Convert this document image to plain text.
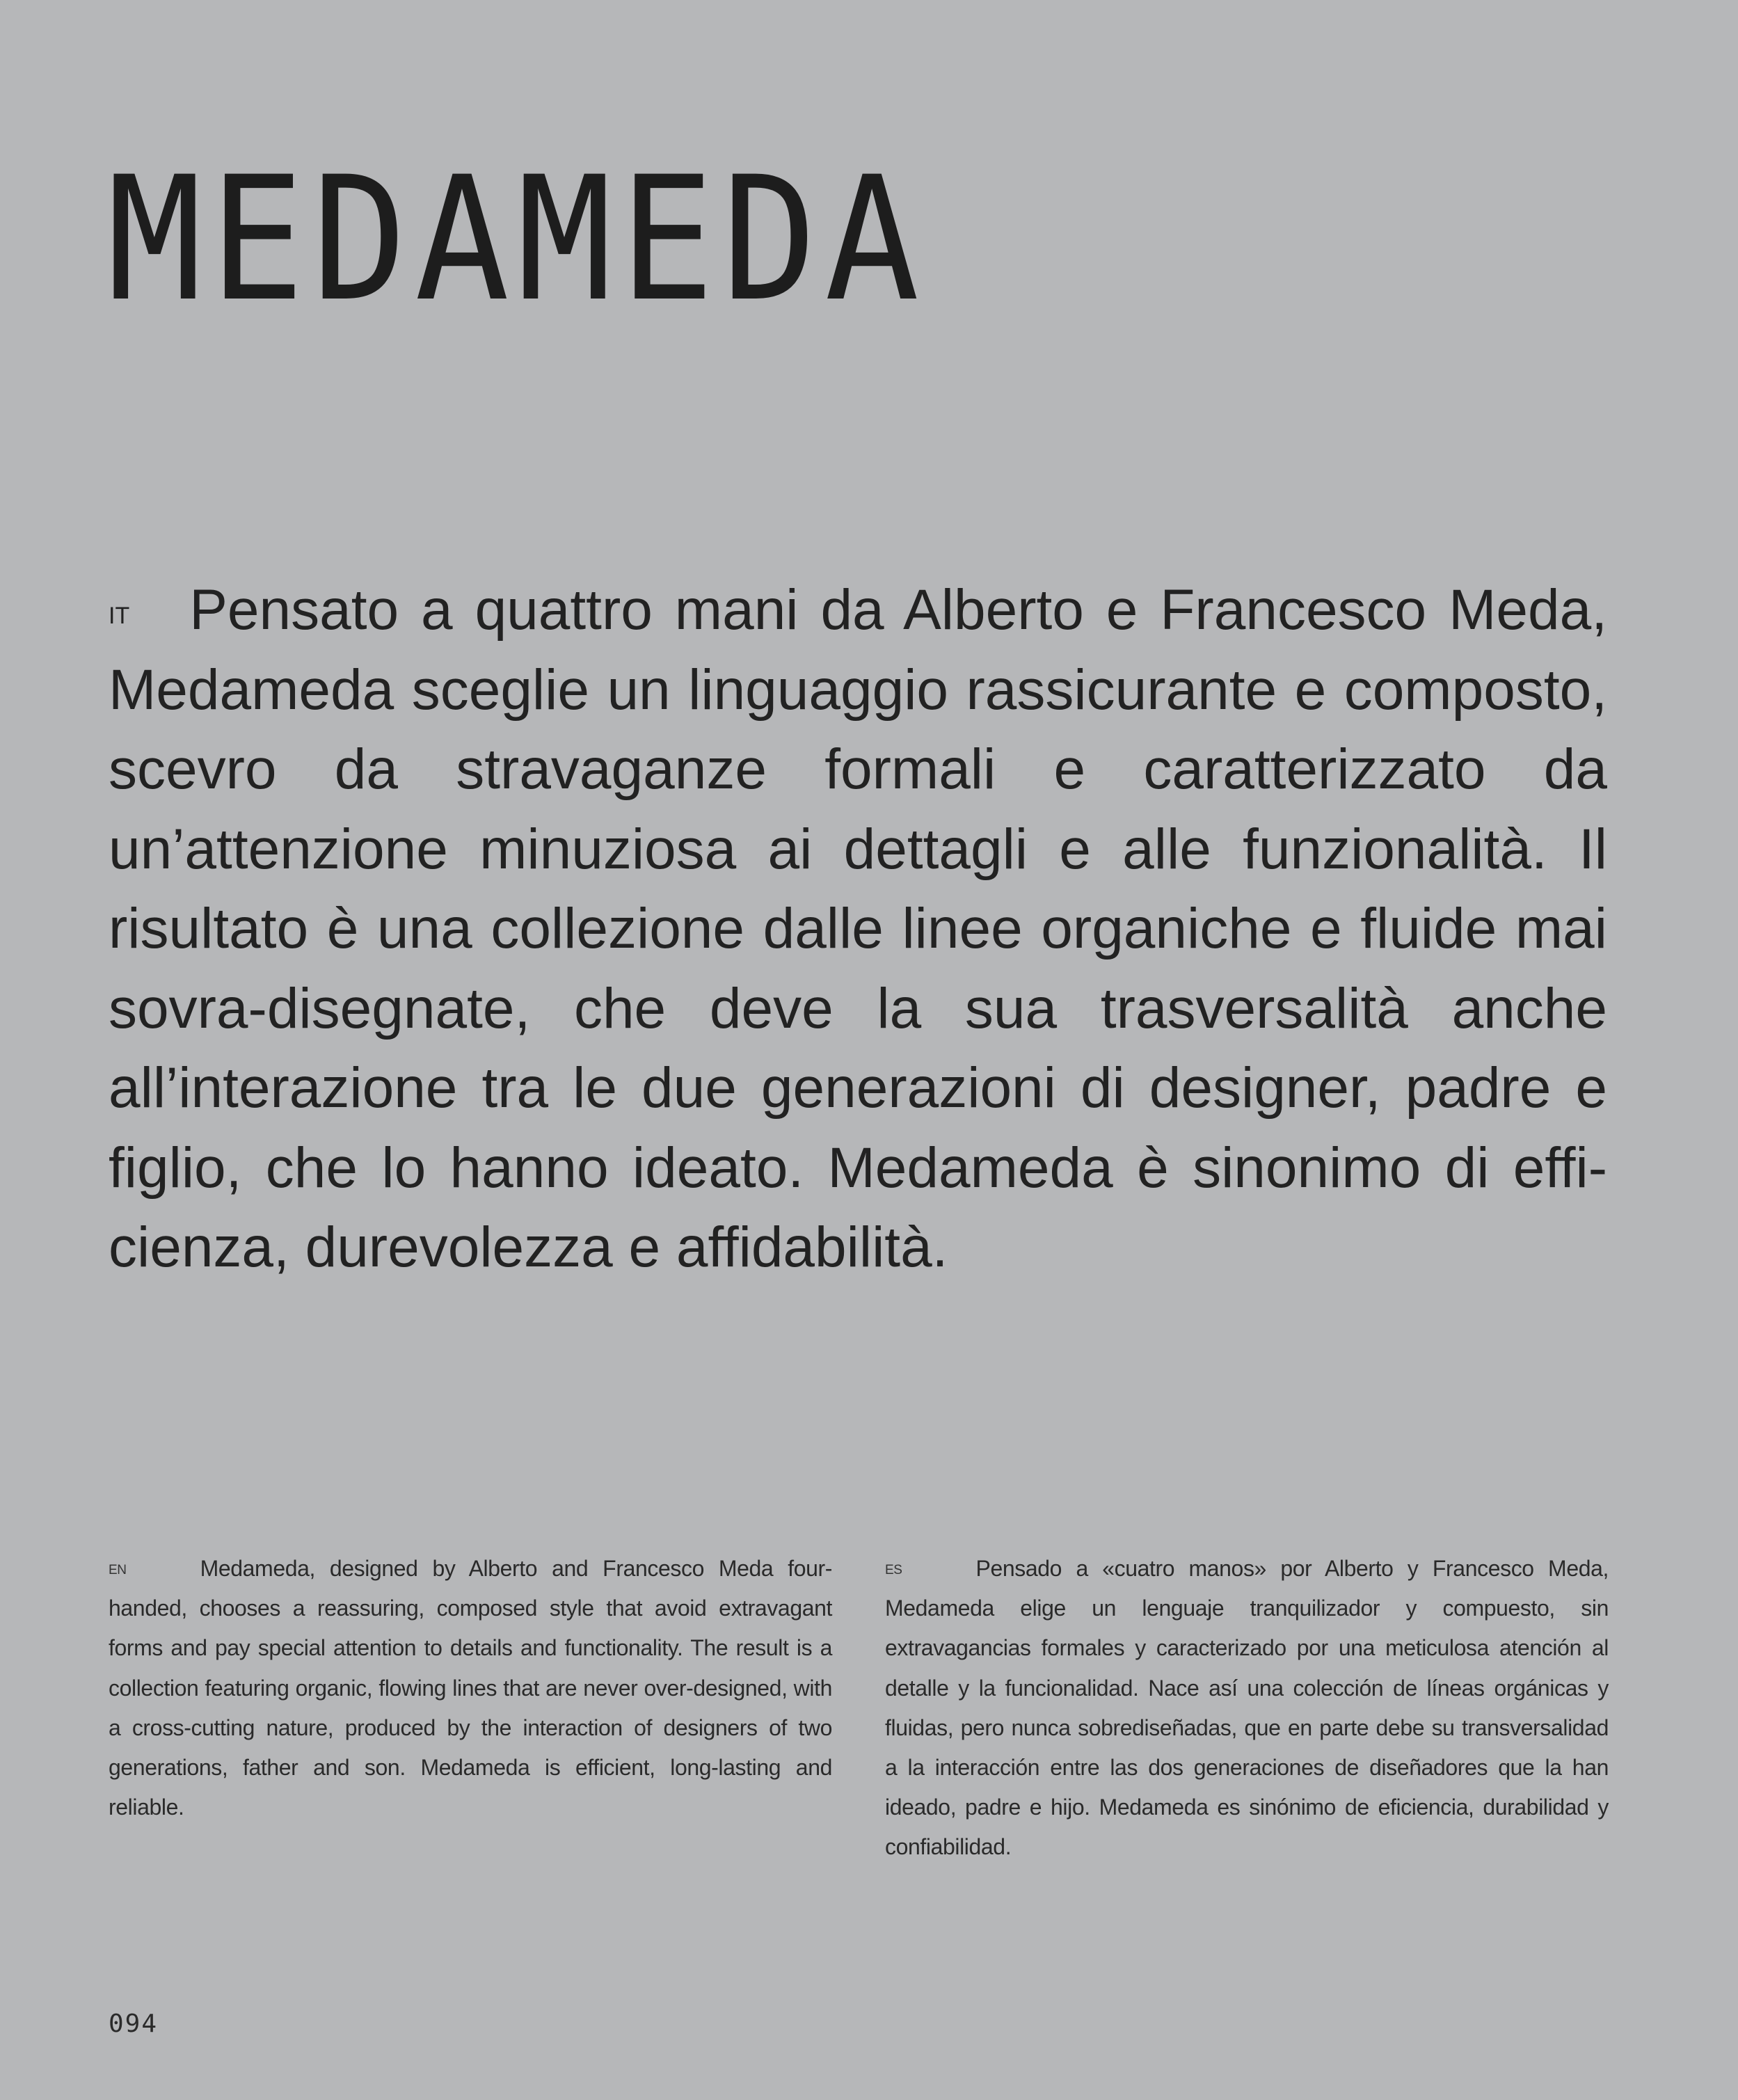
MEDAMEDA

IT Pensato a quattro mani da Alberto e Francesco Meda, Medameda sceglie un linguaggio rassicurante e composto, scevro da stravaganze formali e caratterizzato da un’attenzione minuziosa ai dettagli e alle funzionalità. Il risultato è una collezione dalle linee organiche e fluide mai sovra-disegnate, che deve la sua trasversalità anche all’interazione tra le due generazioni di designer, padre e figlio, che lo hanno ideato. Medameda è sinonimo di efficienza, durevolezza e affidabilità.

EN	Medameda, designed by Alberto and Francesco Meda four-handed, chooses a reassuring, composed style that avoid extravagant forms and pay special attention to details and functionality. The result is a collection featuring organic, flowing lines that are never over-designed, with a cross-cutting nature, produced by the interaction of designers of two generations, father and son. Medameda is efficient, long-lasting and reliable.

ES	Pensado a «cuatro manos» por Alberto y Francesco Meda, Medameda elige un lenguaje tranquilizador y compuesto, sin extravagancias formales y caracterizado por una meticulosa atención al detalle y la funcionalidad. Nace así una colección de líneas orgánicas y fluidas, pero nunca sobrediseñadas, que en parte debe su transversalidad a la interacción entre las dos generaciones de diseñadores que la han ideado, padre e hijo. Medameda es sinónimo de eficiencia, durabilidad y confiabilidad.

094
